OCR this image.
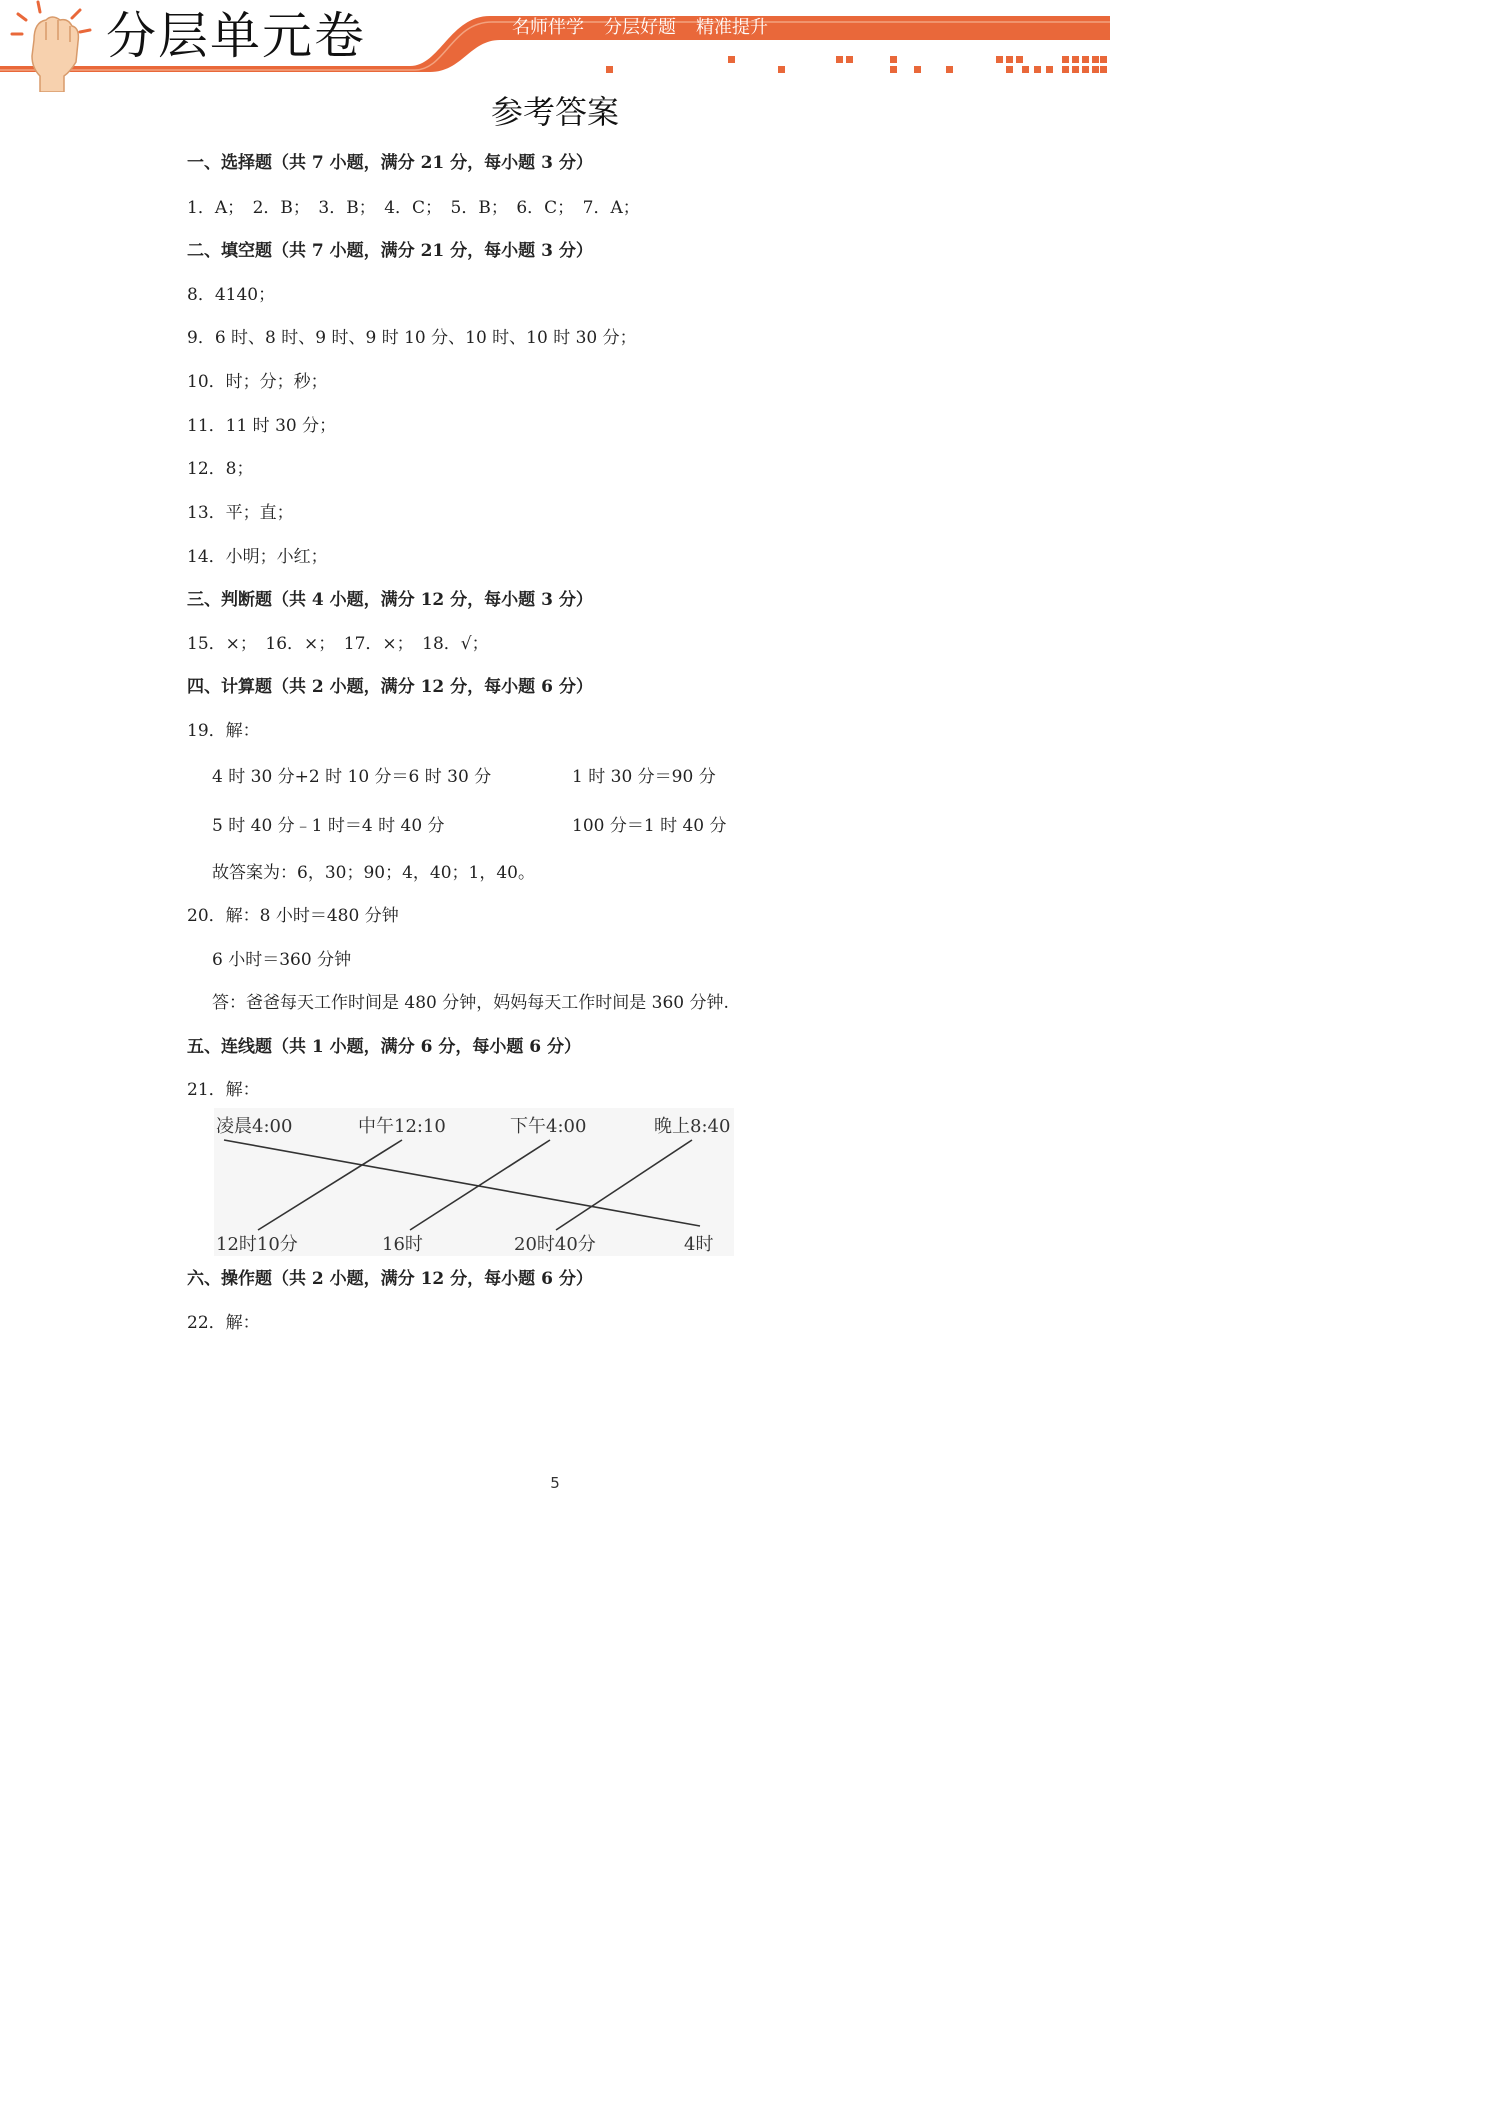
分层单元卷	名师伴学 分层好题 精准提升
参考答案
一、选择题（共 7 小题，满分 21 分，每小题 3 分）
1．A；　2．B；　3．B；　4．C；　5．B；　6．C；　7．A；
二、填空题（共 7 小题，满分 21 分，每小题 3 分）
8．4140；
9．6 时、8 时、9 时、9 时 10 分、10 时、10 时 30 分；
10．时；分；秒；
11．11 时 30 分；
12．8；
13．平；直；
14．小明；小红；
三、判断题（共 4 小题，满分 12 分，每小题 3 分）
15．×；　16．×；　17．×；　18．√；
四、计算题（共 2 小题，满分 12 分，每小题 6 分）
19．解：
4 时 30 分+2 时 10 分＝6 时 30 分	1 时 30 分＝90 分
5 时 40 分﹣1 时＝4 时 40 分	100 分＝1 时 40 分
故答案为：6，30；90；4，40；1，40。
20．解：8 小时＝480 分钟
6 小时＝360 分钟
答：爸爸每天工作时间是 480 分钟，妈妈每天工作时间是 360 分钟.
五、连线题（共 1 小题，满分 6 分，每小题 6 分）
21．解：
凌晨4:00	中午12:10	下午4:00	晚上8:40
12时10分	16时	20时40分	4时
六、操作题（共 2 小题，满分 12 分，每小题 6 分）
22．解：
5
